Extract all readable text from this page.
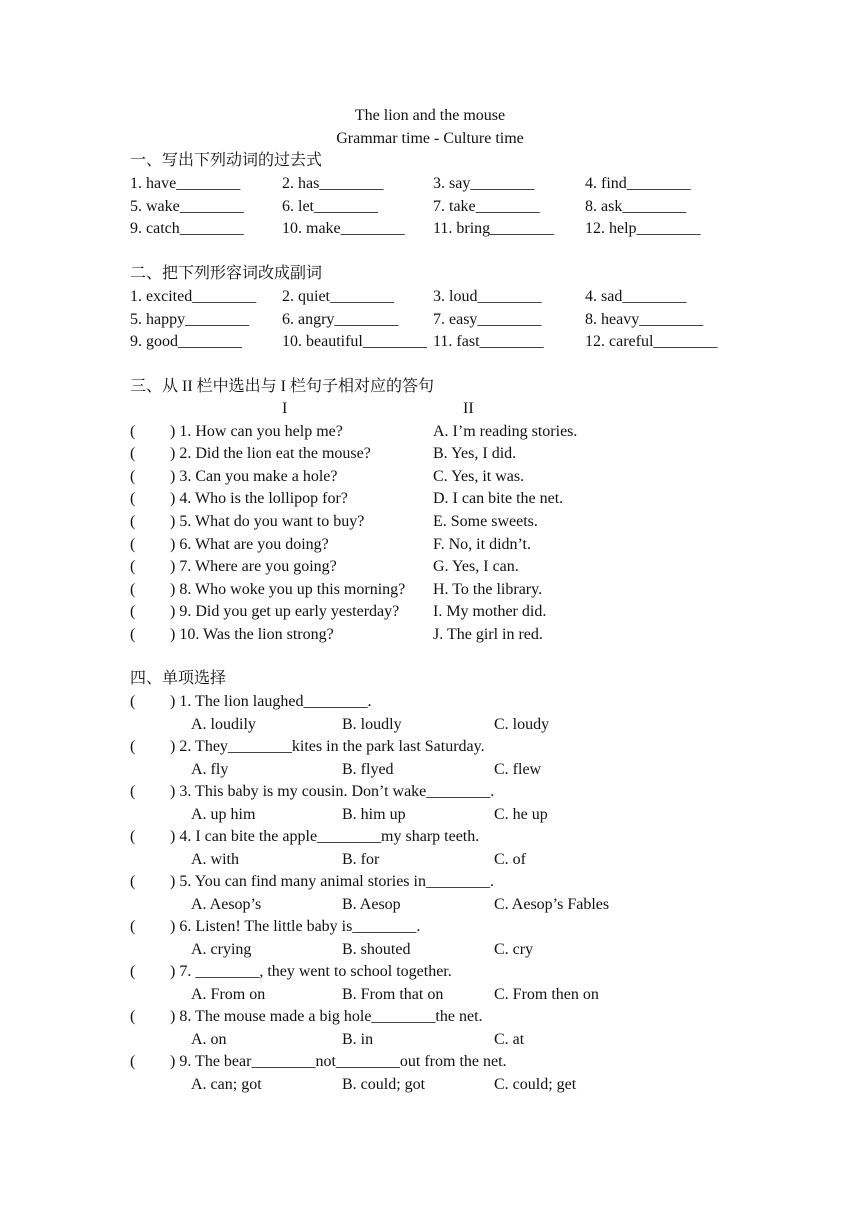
The lion and the mouse
Grammar time - Culture time
一、写出下列动词的过去式
1. have________	2. has________	3. say________	4. find________
5. wake________ 6. let________	7. take________	8. ask________
9. catch________ 10. make________ 11. bring________ 12. help________
二、把下列形容词改成副词
1. excited________ 2. quiet________ 3. loud________	4. sad________
5. happy________ 6. angry________ 7. easy________	8. heavy________
9. good________	10. beautiful________ 11. fast________	12. careful________
三、从 II 栏中选出与 I 栏句子相对应的答句
I	II
( ) 1. How can you help me?	A. I’m reading stories.
( ) 2. Did the lion eat the mouse?	B. Yes, I did.
( ) 3. Can you make a hole?	C. Yes, it was.
( ) 4. Who is the lollipop for?	D. I can bite the net.
( ) 5. What do you want to buy?	E. Some sweets.
( ) 6. What are you doing?	F. No, it didn’t.
( ) 7. Where are you going?	G. Yes, I can.
( ) 8. Who woke you up this morning? H. To the library.
( ) 9. Did you get up early yesterday? I. My mother did.
( ) 10. Was the lion strong?	J. The girl in red.
四、单项选择
( ) 1. The lion laughed________.
A. loudily	B. loudly	C. loudy
( ) 2. They________kites in the park last Saturday.
A. fly	B. flyed	C. flew
( ) 3. This baby is my cousin. Don’t wake________.
A. up him	B. him up	C. he up
( ) 4. I can bite the apple________my sharp teeth.
A. with	B. for	C. of
( ) 5. You can find many animal stories in________.
A. Aesop’s	B. Aesop	C. Aesop’s Fables
( ) 6. Listen! The little baby is________.
A. crying	B. shouted	C. cry
( ) 7. ________, they went to school together.
A. From on	B. From that on	C. From then on
( ) 8. The mouse made a big hole________the net.
A. on	B. in	C. at
( ) 9. The bear________not________out from the net.
A. can; got	B. could; got	C. could; get
